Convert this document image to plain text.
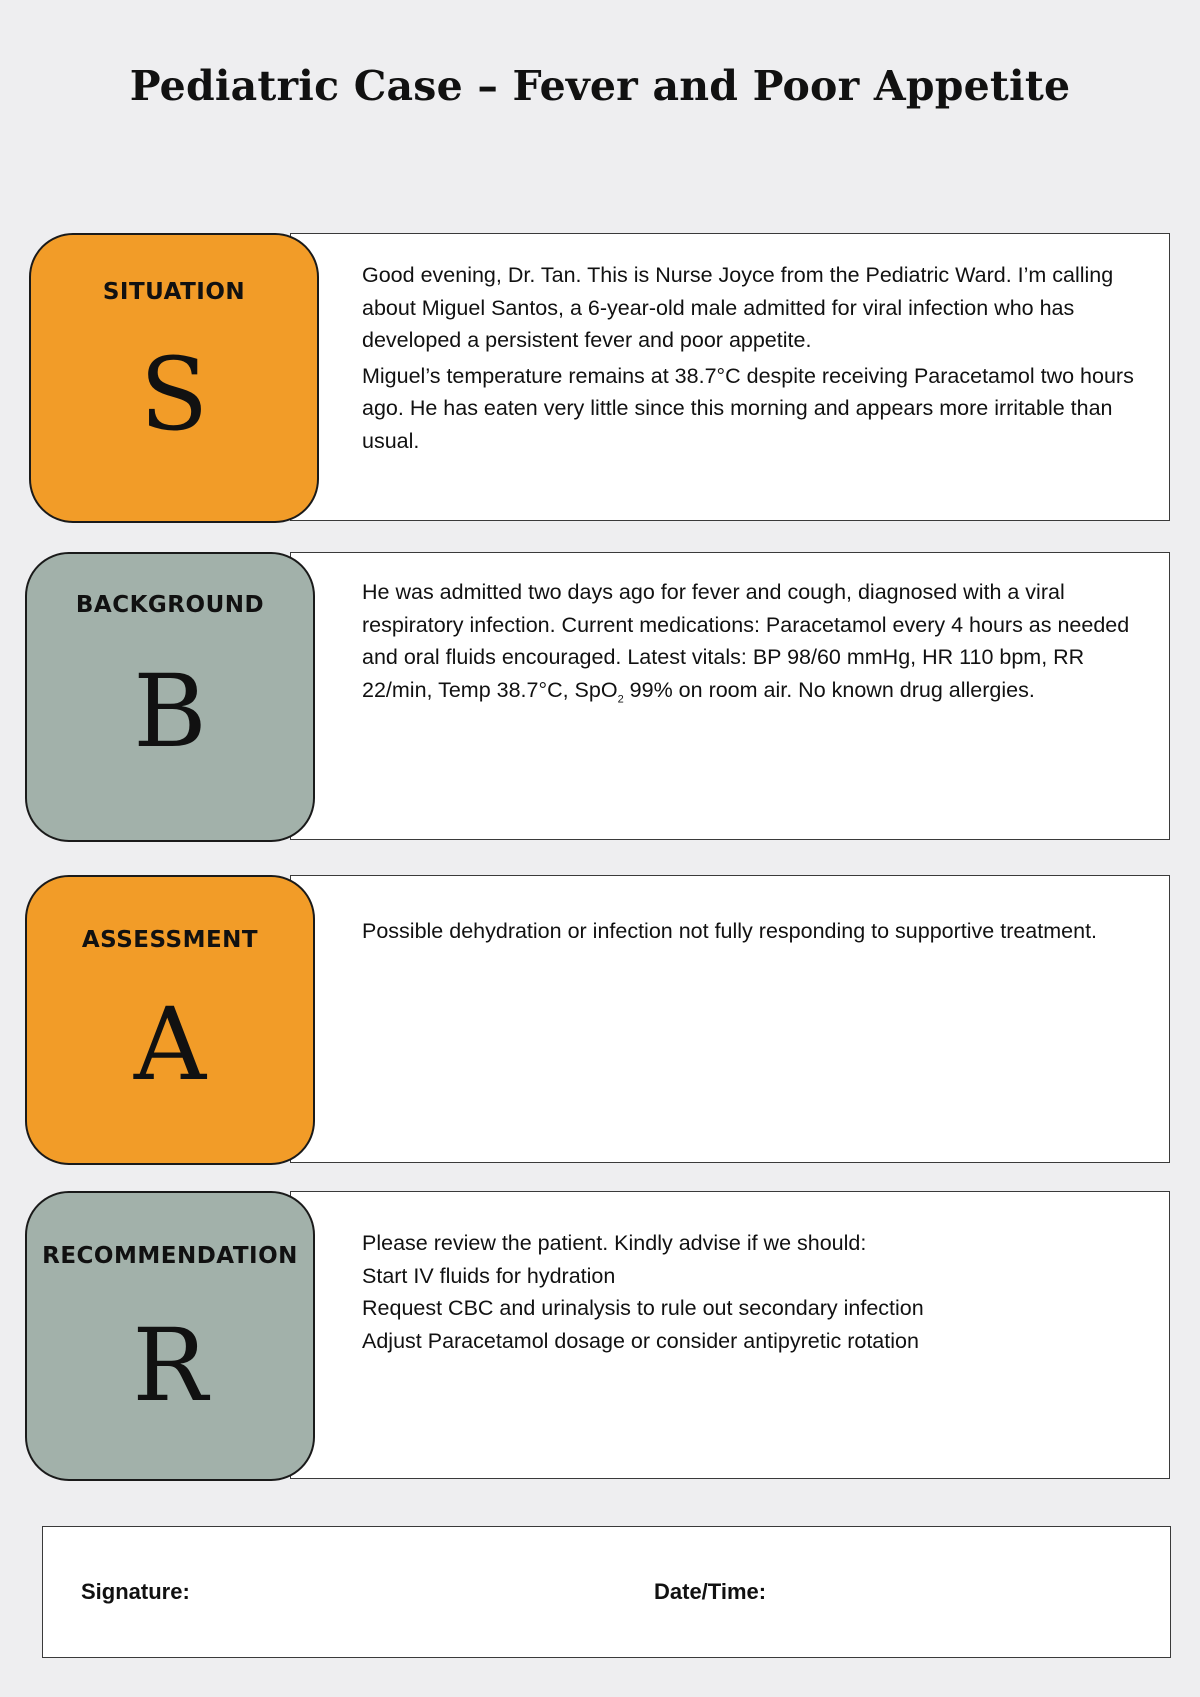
Pediatric Case – Fever and Poor Appetite
SITUATION
S

Good evening, Dr. Tan. This is Nurse Joyce from the Pediatric Ward. I’m calling about Miguel Santos, a 6-year-old male admitted for viral infection who has developed a persistent fever and poor appetite.

Miguel’s temperature remains at 38.7°C despite receiving Paracetamol two hours ago. He has eaten very little since this morning and appears more irritable than usual.

BACKGROUND
B

He was admitted two days ago for fever and cough, diagnosed with a viral respiratory infection. Current medications: Paracetamol every 4 hours as needed and oral fluids encouraged. Latest vitals: BP 98/60 mmHg, HR 110 bpm, RR 22/min, Temp 38.7°C, SpO$_2$ 99% on room air. No known drug allergies.

ASSESSMENT
A

Possible dehydration or infection not fully responding to supportive treatment.

RECOMMENDATION
R

Please review the patient. Kindly advise if we should:

Start IV fluids for hydration

Request CBC and urinalysis to rule out secondary infection

Adjust Paracetamol dosage or consider antipyretic rotation

Signature:	Date/Time:
